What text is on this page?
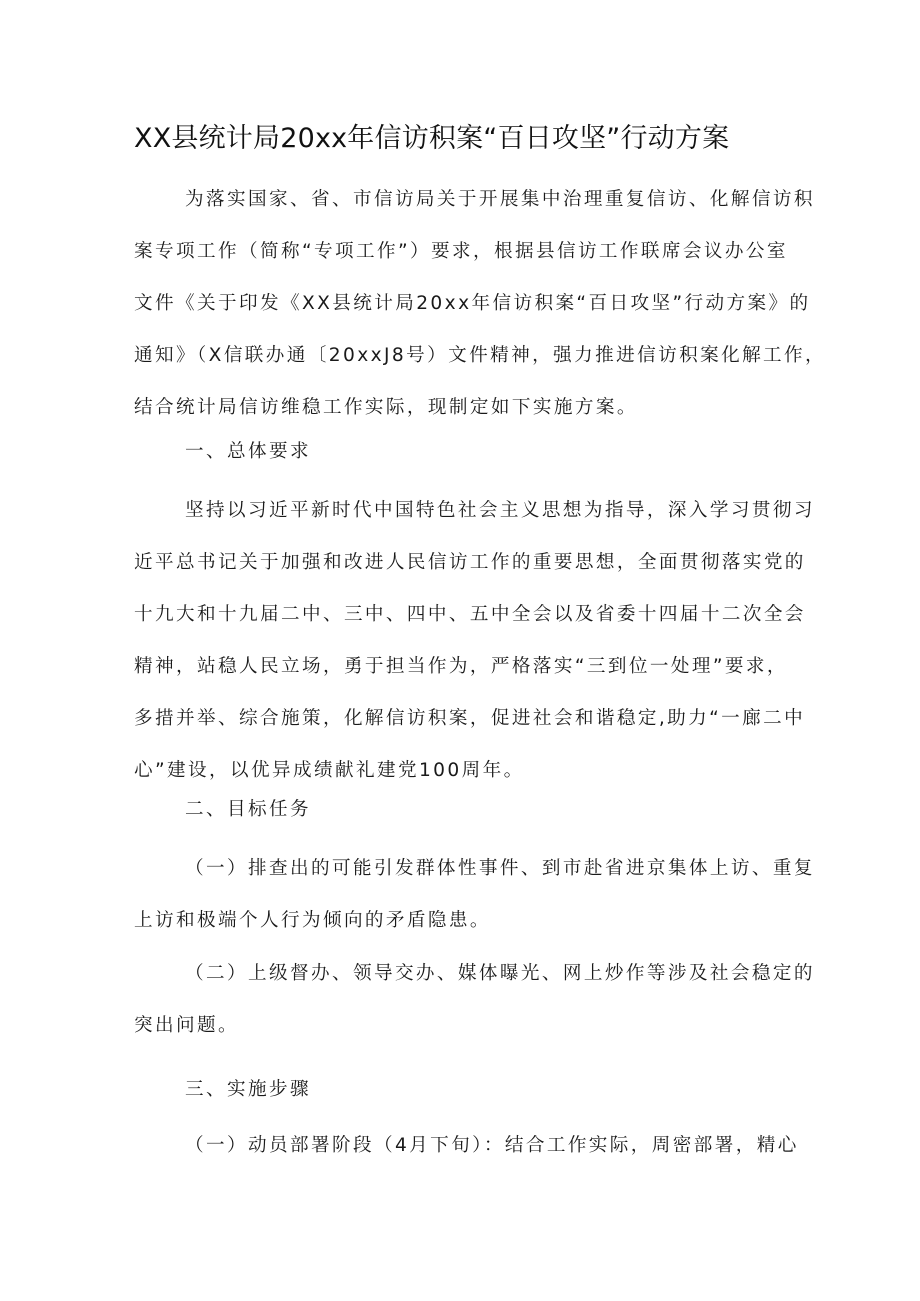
XX县统计局20xx年信访积案“百日攻坚”行动方案
为落实国家、省、市信访局关于开展集中治理重复信访、化解信访积
案专项工作（简称“专项工作”）要求，根据县信访工作联席会议办公室
文件《关于印发《XX县统计局20xx年信访积案“百日攻坚”行动方案》的
通知》（X信联办通〔20xxJ8号）文件精神，强力推进信访积案化解工作，
结合统计局信访维稳工作实际，现制定如下实施方案。
一、总体要求
坚持以习近平新时代中国特色社会主义思想为指导，深入学习贯彻习
近平总书记关于加强和改进人民信访工作的重要思想，全面贯彻落实党的
十九大和十九届二中、三中、四中、五中全会以及省委十四届十二次全会
精神，站稳人民立场，勇于担当作为，严格落实“三到位一处理”要求，
多措并举、综合施策，化解信访积案，促进社会和谐稳定,助力“一廊二中
心”建设，以优异成绩献礼建党100周年。
二、目标任务
（一）排查出的可能引发群体性事件、到市赴省进京集体上访、重复
上访和极端个人行为倾向的矛盾隐患。
（二）上级督办、领导交办、媒体曝光、网上炒作等涉及社会稳定的
突出问题。
三、实施步骤
（一）动员部署阶段（4月下旬）：结合工作实际，周密部署，精心
